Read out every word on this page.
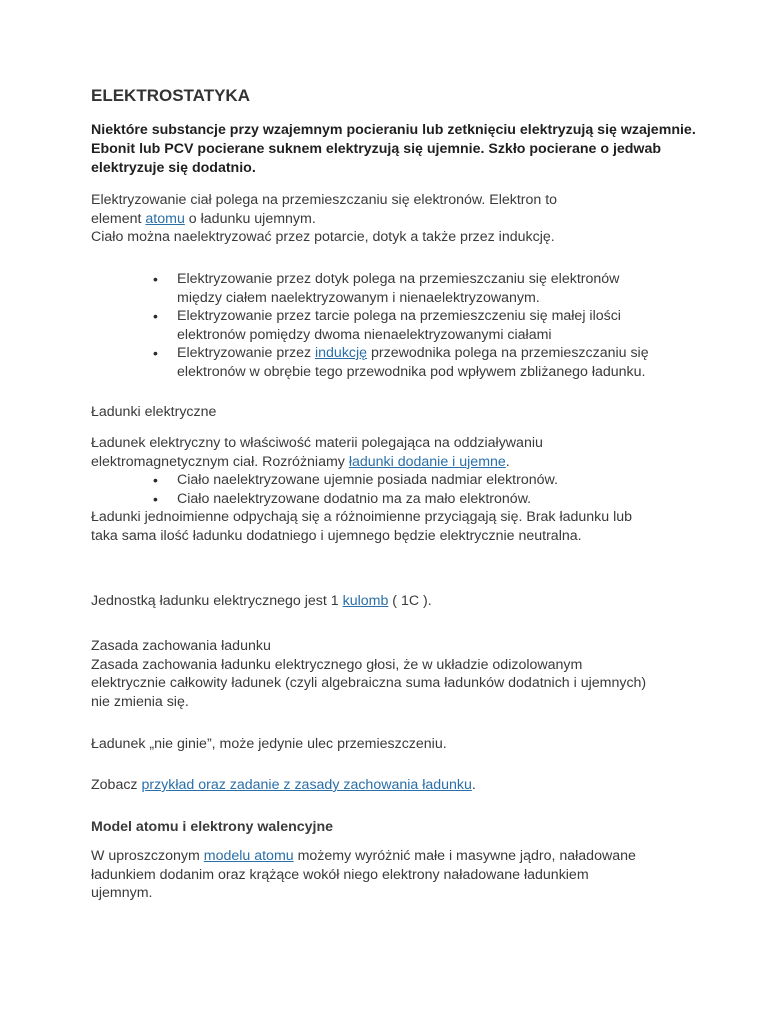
ELEKTROSTATYKA

Niektóre substancje przy wzajemnym pocieraniu lub zetknięciu elektryzują się wzajemnie.

Ebonit lub PCV pocierane suknem elektryzują się ujemnie. Szkło pocierane o jedwab

elektryzuje się dodatnio.

Elektryzowanie ciał polega na przemieszczaniu się elektronów. Elektron to

element atomu o ładunku ujemnym.

Ciało można naelektryzować przez potarcie, dotyk a także przez indukcję.

• Elektryzowanie przez dotyk polega na przemieszczaniu się elektronów

między ciałem naelektryzowanym i nienaelektryzowanym.

• Elektryzowanie przez tarcie polega na przemieszczeniu się małej ilości

elektronów pomiędzy dwoma nienaelektryzowanymi ciałami

• Elektryzowanie przez indukcję przewodnika polega na przemieszczaniu się

elektronów w obrębie tego przewodnika pod wpływem zbliżanego ładunku.

Ładunki elektryczne

Ładunek elektryczny to właściwość materii polegająca na oddziaływaniu

elektromagnetycznym ciał. Rozróżniamy ładunki dodanie i ujemne.

• Ciało naelektryzowane ujemnie posiada nadmiar elektronów.

• Ciało naelektryzowane dodatnio ma za mało elektronów.

Ładunki jednoimienne odpychają się a różnoimienne przyciągają się. Brak ładunku lub

taka sama ilość ładunku dodatniego i ujemnego będzie elektrycznie neutralna.

Jednostką ładunku elektrycznego jest 1 kulomb ( 1C ).

Zasada zachowania ładunku

Zasada zachowania ładunku elektrycznego głosi, że w układzie odizolowanym

elektrycznie całkowity ładunek (czyli algebraiczna suma ładunków dodatnich i ujemnych)

nie zmienia się.

Ładunek „nie ginie”, może jedynie ulec przemieszczeniu.

Zobacz przykład oraz zadanie z zasady zachowania ładunku.

Model atomu i elektrony walencyjne

W uproszczonym modelu atomu możemy wyróżnić małe i masywne jądro, naładowane

ładunkiem dodanim oraz krążące wokół niego elektrony naładowane ładunkiem

ujemnym.
